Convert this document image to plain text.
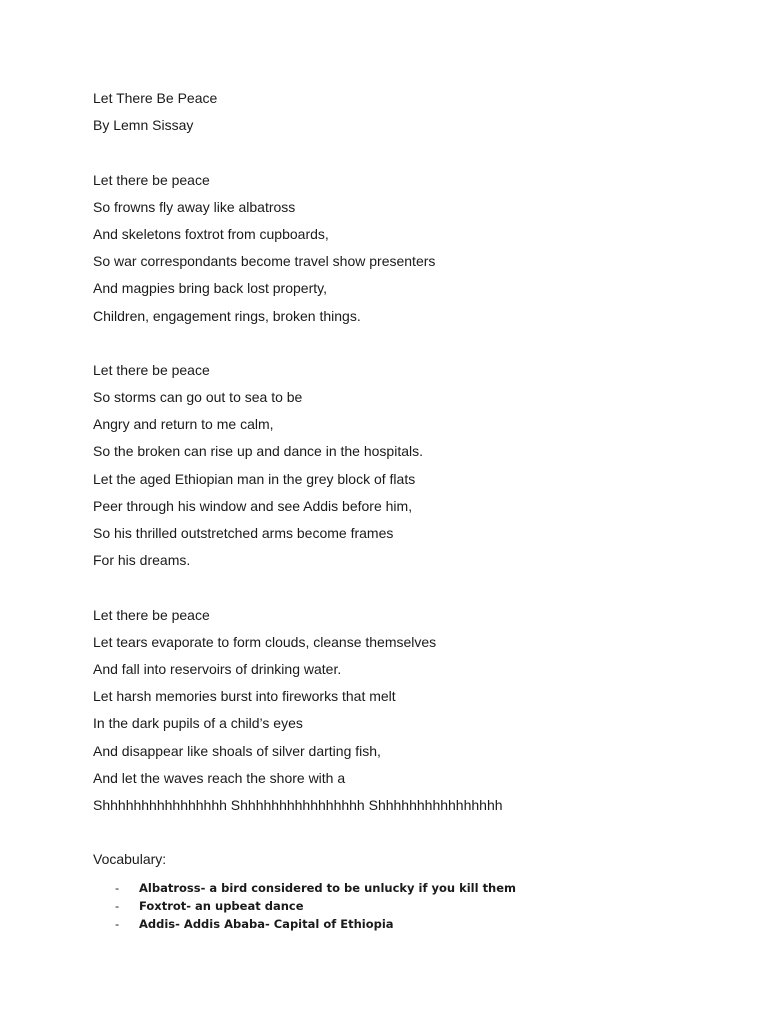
Let There Be Peace
By Lemn Sissay
Let there be peace
So frowns fly away like albatross
And skeletons foxtrot from cupboards,
So war correspondants become travel show presenters
And magpies bring back lost property,
Children, engagement rings, broken things.
Let there be peace
So storms can go out to sea to be
Angry and return to me calm,
So the broken can rise up and dance in the hospitals.
Let the aged Ethiopian man in the grey block of flats
Peer through his window and see Addis before him,
So his thrilled outstretched arms become frames
For his dreams.
Let there be peace
Let tears evaporate to form clouds, cleanse themselves
And fall into reservoirs of drinking water.
Let harsh memories burst into fireworks that melt
In the dark pupils of a child’s eyes
And disappear like shoals of silver darting fish,
And let the waves reach the shore with a
Shhhhhhhhhhhhhhhh Shhhhhhhhhhhhhhhh Shhhhhhhhhhhhhhhh
Vocabulary:
- Albatross- a bird considered to be unlucky if you kill them
- Foxtrot- an upbeat dance
- Addis- Addis Ababa- Capital of Ethiopia
